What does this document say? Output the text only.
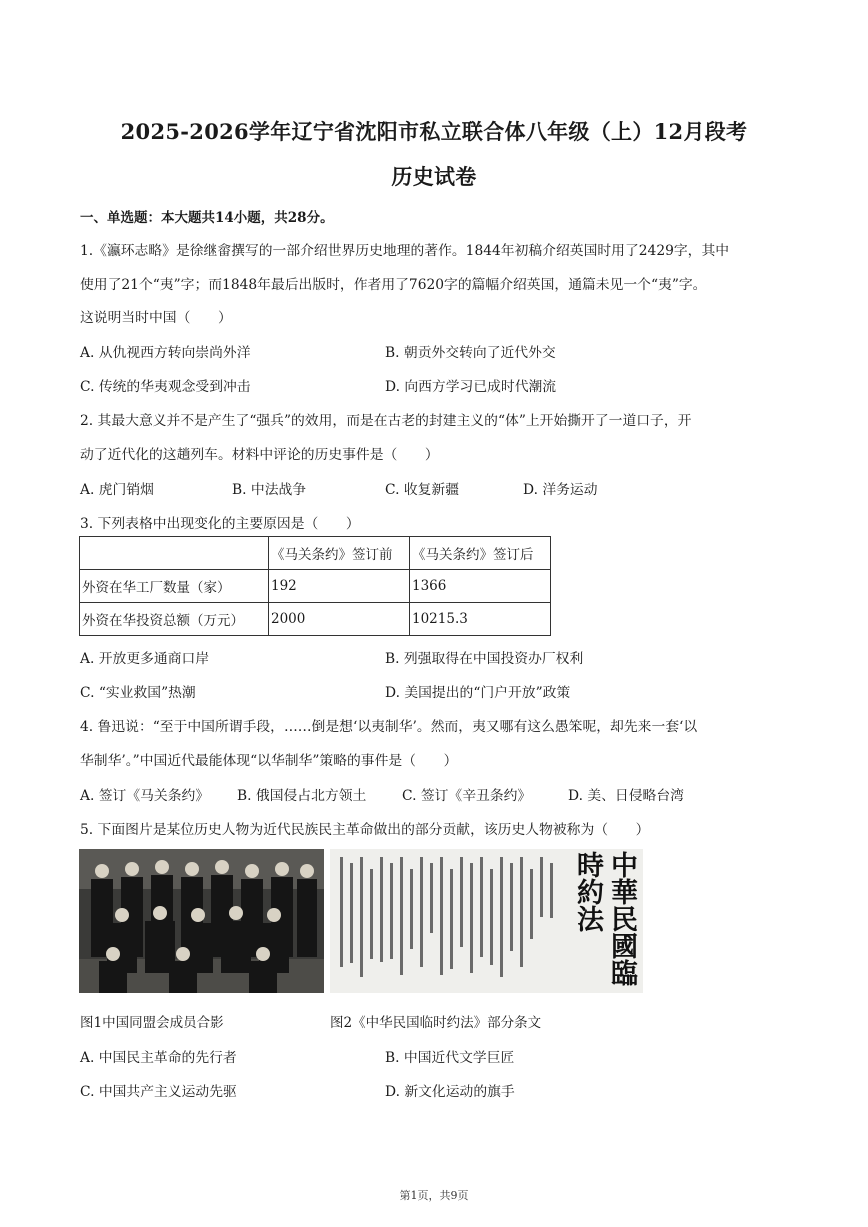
2025-2026学年辽宁省沈阳市私立联合体八年级（上）12月段考
历史试卷
一、单选题：本大题共14小题，共28分。
1.《瀛环志略》是徐继畲撰写的一部介绍世界历史地理的著作。1844年初稿介绍英国时用了2429字，其中
使用了21个“夷”字；而1848年最后出版时，作者用了7620字的篇幅介绍英国，通篇未见一个“夷”字。
这说明当时中国（　　）
A. 从仇视西方转向崇尚外洋	B. 朝贡外交转向了近代外交
C. 传统的华夷观念受到冲击	D. 向西方学习已成时代潮流
2. 其最大意义并不是产生了“强兵”的效用，而是在古老的封建主义的“体”上开始撕开了一道口子，开
动了近代化的这趟列车。材料中评论的历史事件是（　　）
A. 虎门销烟	B. 中法战争	C. 收复新疆	D. 洋务运动
3. 下列表格中出现变化的主要原因是（　　）
	《马关条约》签订前	《马关条约》签订后
外资在华工厂数量（家）	192	1366
外资在华投资总额（万元）	2000	10215.3
A. 开放更多通商口岸	B. 列强取得在中国投资办厂权利
C. “实业救国”热潮	D. 美国提出的“门户开放”政策
4. 鲁迅说：“至于中国所谓手段，……倒是想‘以夷制华’。然而，夷又哪有这么愚笨呢，却先来一套‘以
华制华’。”中国近代最能体现“以华制华”策略的事件是（　　）
A. 签订《马关条约》 B. 俄国侵占北方领土	C. 签订《辛丑条约》	D. 美、日侵略台湾
5. 下面图片是某位历史人物为近代民族民主革命做出的部分贡献，该历史人物被称为（　　）
中華民國臨時約法
图1中国同盟会成员合影	图2《中华民国临时约法》部分条文
A. 中国民主革命的先行者	B. 中国近代文学巨匠
C. 中国共产主义运动先驱	D. 新文化运动的旗手
第1页，共9页
